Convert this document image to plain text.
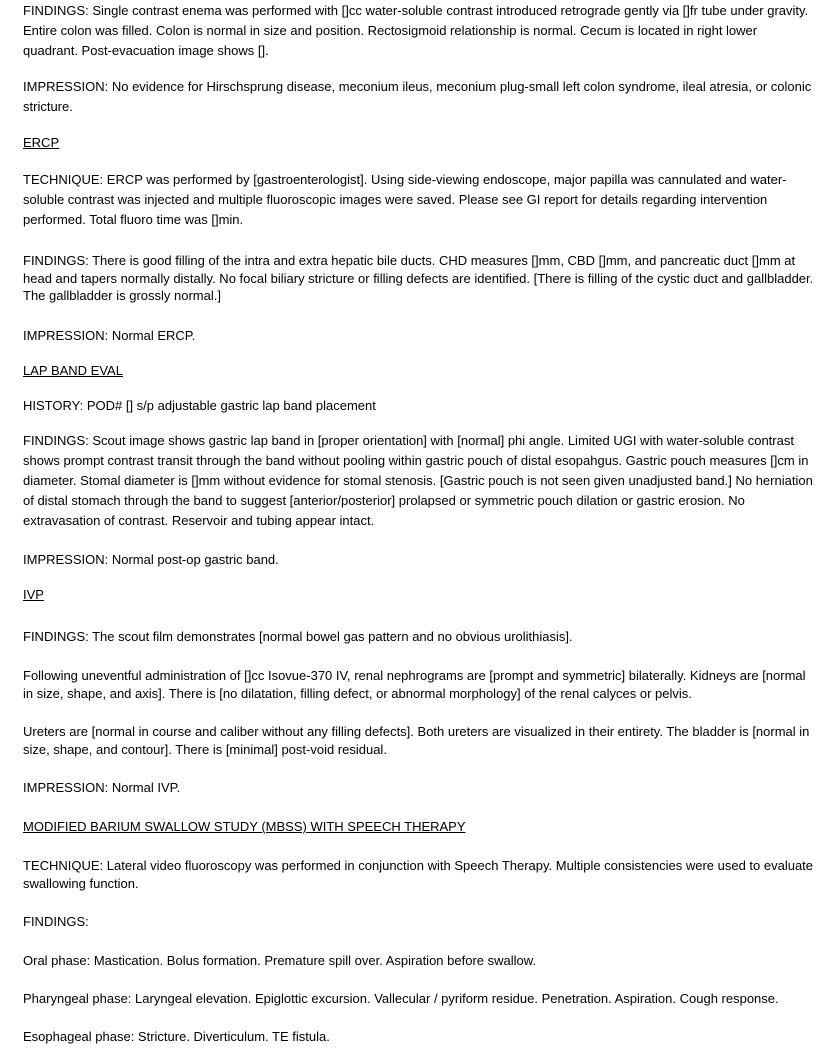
FINDINGS: Single contrast enema was performed with []cc water-soluble contrast introduced retrograde gently via []fr tube under gravity. Entire colon was filled. Colon is normal in size and position. Rectosigmoid relationship is normal. Cecum is located in right lower quadrant. Post-evacuation image shows [].

IMPRESSION: No evidence for Hirschsprung disease, meconium ileus, meconium plug-small left colon syndrome, ileal atresia, or colonic stricture.

ERCP

TECHNIQUE: ERCP was performed by [gastroenterologist]. Using side-viewing endoscope, major papilla was cannulated and water-soluble contrast was injected and multiple fluoroscopic images were saved. Please see GI report for details regarding intervention performed. Total fluoro time was []min.

FINDINGS: There is good filling of the intra and extra hepatic bile ducts. CHD measures []mm, CBD []mm, and pancreatic duct []mm at head and tapers normally distally. No focal biliary stricture or filling defects are identified. [There is filling of the cystic duct and gallbladder. The gallbladder is grossly normal.]

IMPRESSION: Normal ERCP.

LAP BAND EVAL

HISTORY: POD# [] s/p adjustable gastric lap band placement

FINDINGS: Scout image shows gastric lap band in [proper orientation] with [normal] phi angle. Limited UGI with water-soluble contrast shows prompt contrast transit through the band without pooling within gastric pouch of distal esopahgus. Gastric pouch measures []cm in diameter. Stomal diameter is []mm without evidence for stomal stenosis. [Gastric pouch is not seen given unadjusted band.] No herniation of distal stomach through the band to suggest [anterior/posterior] prolapsed or symmetric pouch dilation or gastric erosion. No extravasation of contrast. Reservoir and tubing appear intact.

IMPRESSION: Normal post-op gastric band.

IVP

FINDINGS: The scout film demonstrates [normal bowel gas pattern and no obvious urolithiasis].

Following uneventful administration of []cc Isovue-370 IV, renal nephrograms are [prompt and symmetric] bilaterally. Kidneys are [normal in size, shape, and axis]. There is [no dilatation, filling defect, or abnormal morphology] of the renal calyces or pelvis.

Ureters are [normal in course and caliber without any filling defects]. Both ureters are visualized in their entirety. The bladder is [normal in size, shape, and contour]. There is [minimal] post-void residual.

IMPRESSION: Normal IVP.

MODIFIED BARIUM SWALLOW STUDY (MBSS) WITH SPEECH THERAPY

TECHNIQUE: Lateral video fluoroscopy was performed in conjunction with Speech Therapy. Multiple consistencies were used to evaluate swallowing function.

FINDINGS:

Oral phase: Mastication. Bolus formation. Premature spill over. Aspiration before swallow.

Pharyngeal phase: Laryngeal elevation. Epiglottic excursion. Vallecular / pyriform residue. Penetration. Aspiration. Cough response.

Esophageal phase: Stricture. Diverticulum. TE fistula.
